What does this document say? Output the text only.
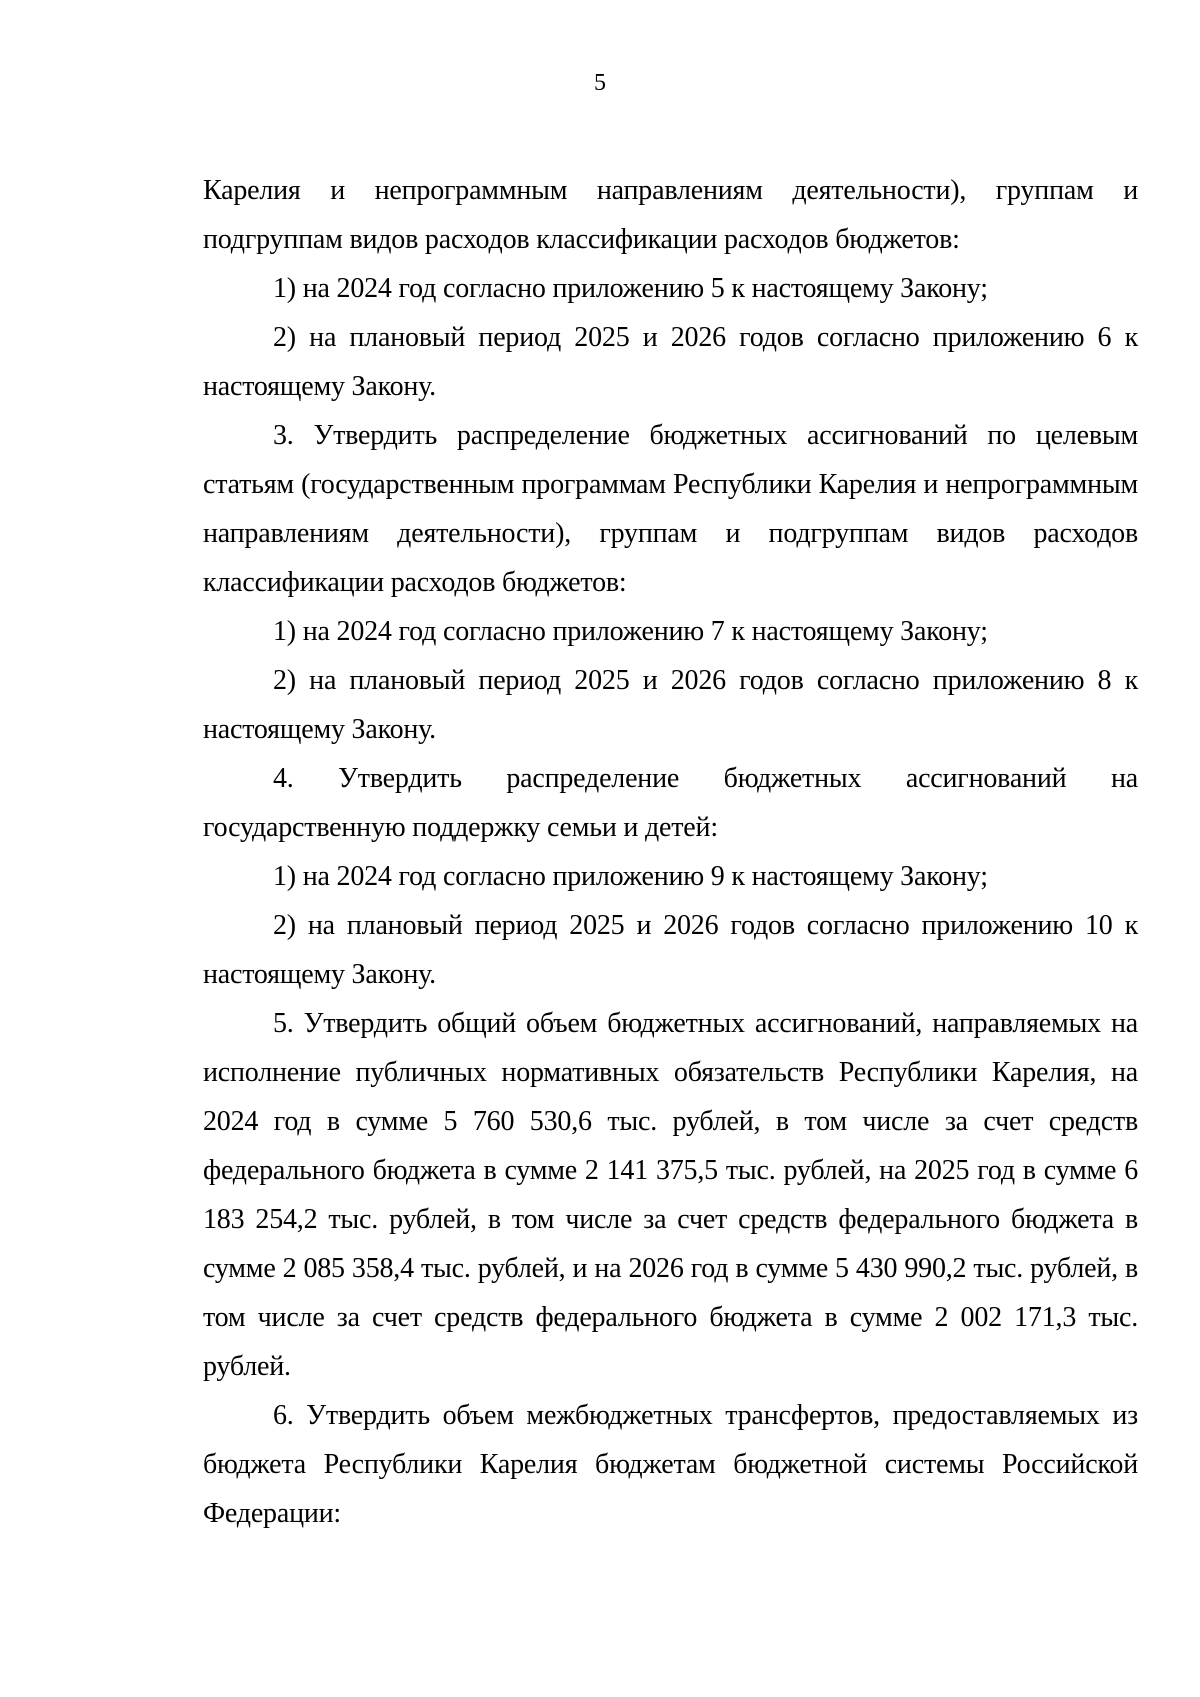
5

Карелия и непрограммным направлениям деятельности), группам и подгруппам видов расходов классификации расходов бюджетов:

1) на 2024 год согласно приложению 5 к настоящему Закону;

2) на плановый период 2025 и 2026 годов согласно приложению 6 к настоящему Закону.

3. Утвердить распределение бюджетных ассигнований по целевым статьям (государственным программам Республики Карелия и непрограммным направлениям деятельности), группам и подгруппам видов расходов классификации расходов бюджетов:

1) на 2024 год согласно приложению 7 к настоящему Закону;

2) на плановый период 2025 и 2026 годов согласно приложению 8 к настоящему Закону.

4. Утвердить распределение бюджетных ассигнований на государственную поддержку семьи и детей:

1) на 2024 год согласно приложению 9 к настоящему Закону;

2) на плановый период 2025 и 2026 годов согласно приложению 10 к настоящему Закону.

5. Утвердить общий объем бюджетных ассигнований, направляемых на исполнение публичных нормативных обязательств Республики Карелия, на 2024 год в сумме 5 760 530,6 тыс. рублей, в том числе за счет средств федерального бюджета в сумме 2 141 375,5 тыс. рублей, на 2025 год в сумме 6 183 254,2 тыс. рублей, в том числе за счет средств федерального бюджета в сумме 2 085 358,4 тыс. рублей, и на 2026 год в сумме 5 430 990,2 тыс. рублей, в том числе за счет средств федерального бюджета в сумме 2 002 171,3 тыс. рублей.

6. Утвердить объем межбюджетных трансфертов, предоставляемых из бюджета Республики Карелия бюджетам бюджетной системы Российской Федерации:
